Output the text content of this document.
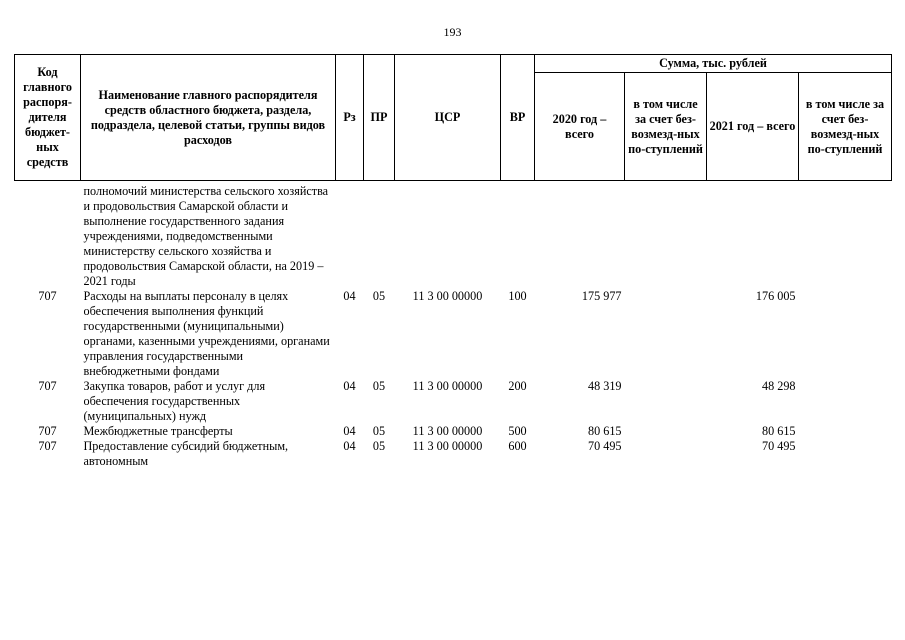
193
Код главного распоря-дителя бюджет-ных средств	Наименование главного распорядителя средств областного бюджета, раздела, подраздела, целевой статьи, группы видов расходов	Рз	ПР	ЦСР	ВР	Сумма, тыс. рублей			
						2020 год – всего	в том числе за счет без-возмезд-ных по-ступлений	2021 год – всего	в том числе за счет без-возмезд-ных по-ступлений
	полномочий министерства сельского хозяйства и продовольствия Самарской области и выполнение государственного задания учреждениями, подведомственными министерству сельского хозяйства и продовольствия Самарской области, на 2019 – 2021 годы								
707	Расходы на выплаты персоналу в целях обеспечения выполнения функций государственными (муниципальными) органами, казенными учреждениями, органами управления государственными внебюджетными фондами	04	05	11 3 00 00000	100	175 977		176 005	
707	Закупка товаров, работ и услуг для обеспечения государственных (муниципальных) нужд	04	05	11 3 00 00000	200	48 319		48 298	
707	Межбюджетные трансферты	04	05	11 3 00 00000	500	80 615		80 615	
707	Предоставление субсидий бюджетным, автономным	04	05	11 3 00 00000	600	70 495		70 495	
